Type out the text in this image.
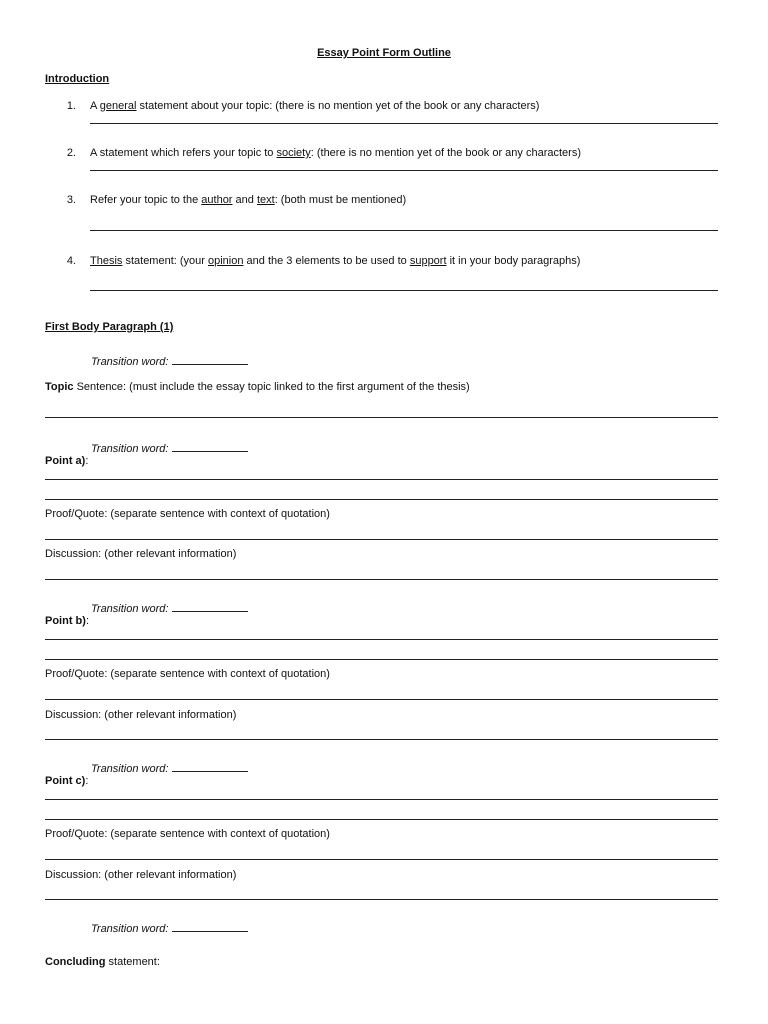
Essay Point Form Outline
Introduction
1. A general statement about your topic: (there is no mention yet of the book or any characters)
2. A statement which refers your topic to society: (there is no mention yet of the book or any characters)
3. Refer your topic to the author and text: (both must be mentioned)
4. Thesis statement: (your opinion and the 3 elements to be used to support it in your body paragraphs)
First Body Paragraph (1)
Transition word:
Topic Sentence: (must include the essay topic linked to the first argument of the thesis)
Transition word:
Point a):
Proof/Quote: (separate sentence with context of quotation)
Discussion: (other relevant information)
Transition word:
Point b):
Proof/Quote: (separate sentence with context of quotation)
Discussion: (other relevant information)
Transition word:
Point c):
Proof/Quote: (separate sentence with context of quotation)
Discussion: (other relevant information)
Transition word:
Concluding statement:
